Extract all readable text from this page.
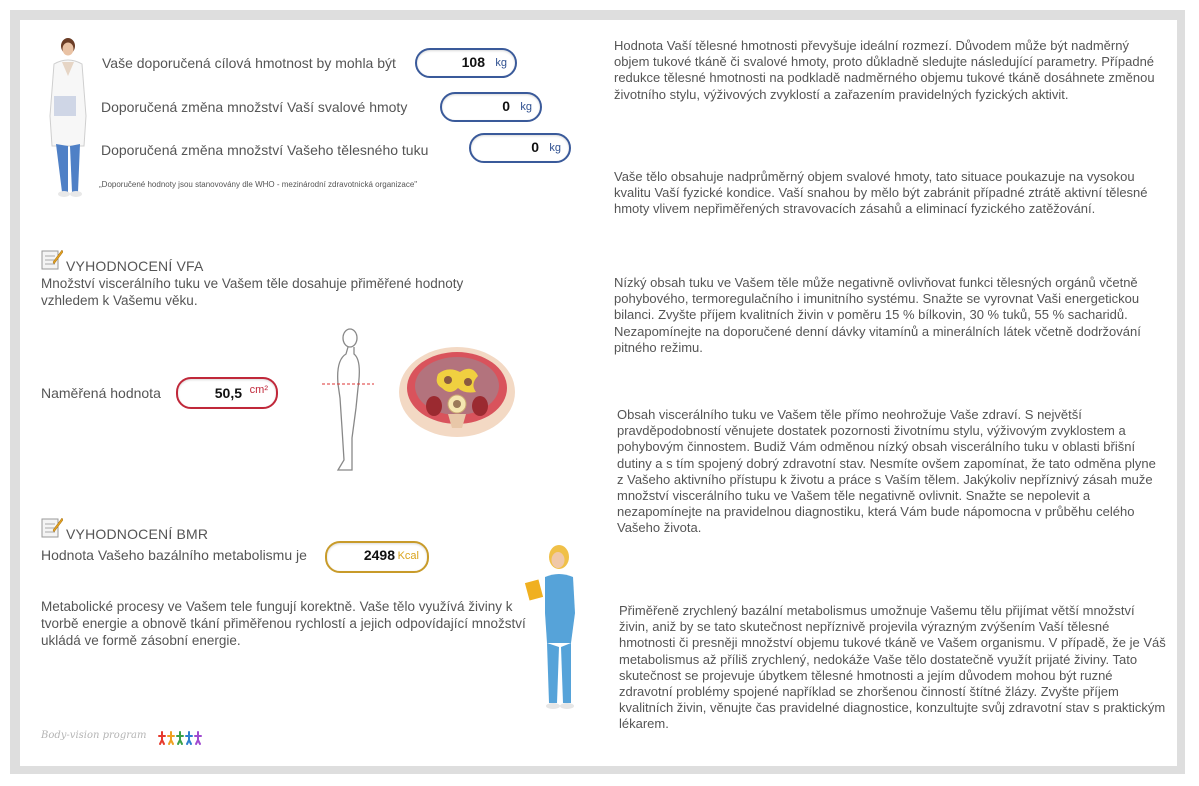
Vaše doporučená cílová hmotnost by mohla být	108 kg
Doporučená změna množství Vaší svalové hmoty	0 kg
Doporučená změna množství Vašeho tělesného tuku	0 kg
„Doporučené hodnoty jsou stanovovány dle WHO - mezinárodní zdravotnická organizace"
VYHODNOCENÍ VFA
Množství viscerálního tuku ve Vašem těle dosahuje přiměřené hodnoty vzhledem k Vašemu věku.
Naměřená hodnota	50,5 cm²
VYHODNOCENÍ BMR
Hodnota Vašeho bazálního metabolismu je	2498 Kcal
Metabolické procesy ve Vašem tele fungují korektně. Vaše tělo využívá živiny k tvorbě energie a obnově tkání přiměřenou rychlostí a jejich odpovídající množství ukládá ve formě zásobní energie.
Hodnota Vaší tělesné hmotnosti převyšuje ideální rozmezí. Důvodem může být nadměrný objem tukové tkáně či svalové hmoty, proto důkladně sledujte následující parametry. Případné redukce tělesné hmotnosti na podkladě nadměrného objemu tukové tkáně dosáhnete změnou životního stylu, výživových zvyklostí a zařazením pravidelných fyzických aktivit.
Vaše tělo obsahuje nadprůměrný objem svalové hmoty, tato situace poukazuje na vysokou kvalitu Vaší fyzické kondice. Vaší snahou by mělo být zabránit případné ztrátě aktivní tělesné hmoty vlivem nepřiměřených stravovacích zásahů a eliminací fyzického zatěžování.
Nízký obsah tuku ve Vašem těle může negativně ovlivňovat funkci tělesných orgánů včetně pohybového, termoregulačního i imunitního systému. Snažte se vyrovnat Vaši energetickou bilanci. Zvyšte příjem kvalitních živin v poměru 15 % bílkovin, 30 % tuků, 55 % sacharidů. Nezapomínejte na doporučené denní dávky vitamínů a minerálních látek včetně dodržování pitného režimu.
Obsah viscerálního tuku ve Vašem těle přímo neohrožuje Vaše zdraví. S největší pravděpodobností věnujete dostatek pozornosti životnímu stylu, výživovým zvyklostem a pohybovým činnostem. Budiž Vám odměnou nízký obsah viscerálního tuku v oblasti břišní dutiny a s tím spojený dobrý zdravotní stav. Nesmíte ovšem zapomínat, že tato odměna plyne z Vašeho aktivního přístupu k životu a práce s Vaším tělem. Jakýkoliv nepříznivý zásah muže množství viscerálního tuku ve Vašem těle negativně ovlivnit. Snažte se nepolevit a nezapomínejte na pravidelnou diagnostiku, která Vám bude nápomocna v průběhu celého Vašeho života.
Přiměřeně zrychlený bazální metabolismus umožnuje Vašemu tělu přijímat větší množství živin, aniž by se tato skutečnost nepříznivě projevila výrazným zvýšením Vaší tělesné hmotnosti či presněji množství objemu tukové tkáně ve Vašem organismu. V případě, že je Váš metabolismus až příliš zrychlený, nedokáže Vaše tělo dostatečně využít prijaté živiny. Tato skutečnost se projevuje úbytkem tělesné hmotnosti a jejím důvodem mohou být ruzné zdravotní problémy spojené například se zhoršenou činností štítné žlázy. Zvyšte příjem kvalitních živin, věnujte čas pravidelné diagnostice, konzultujte svůj zdravotní stav s praktickým lékarem.
Body-vision program
